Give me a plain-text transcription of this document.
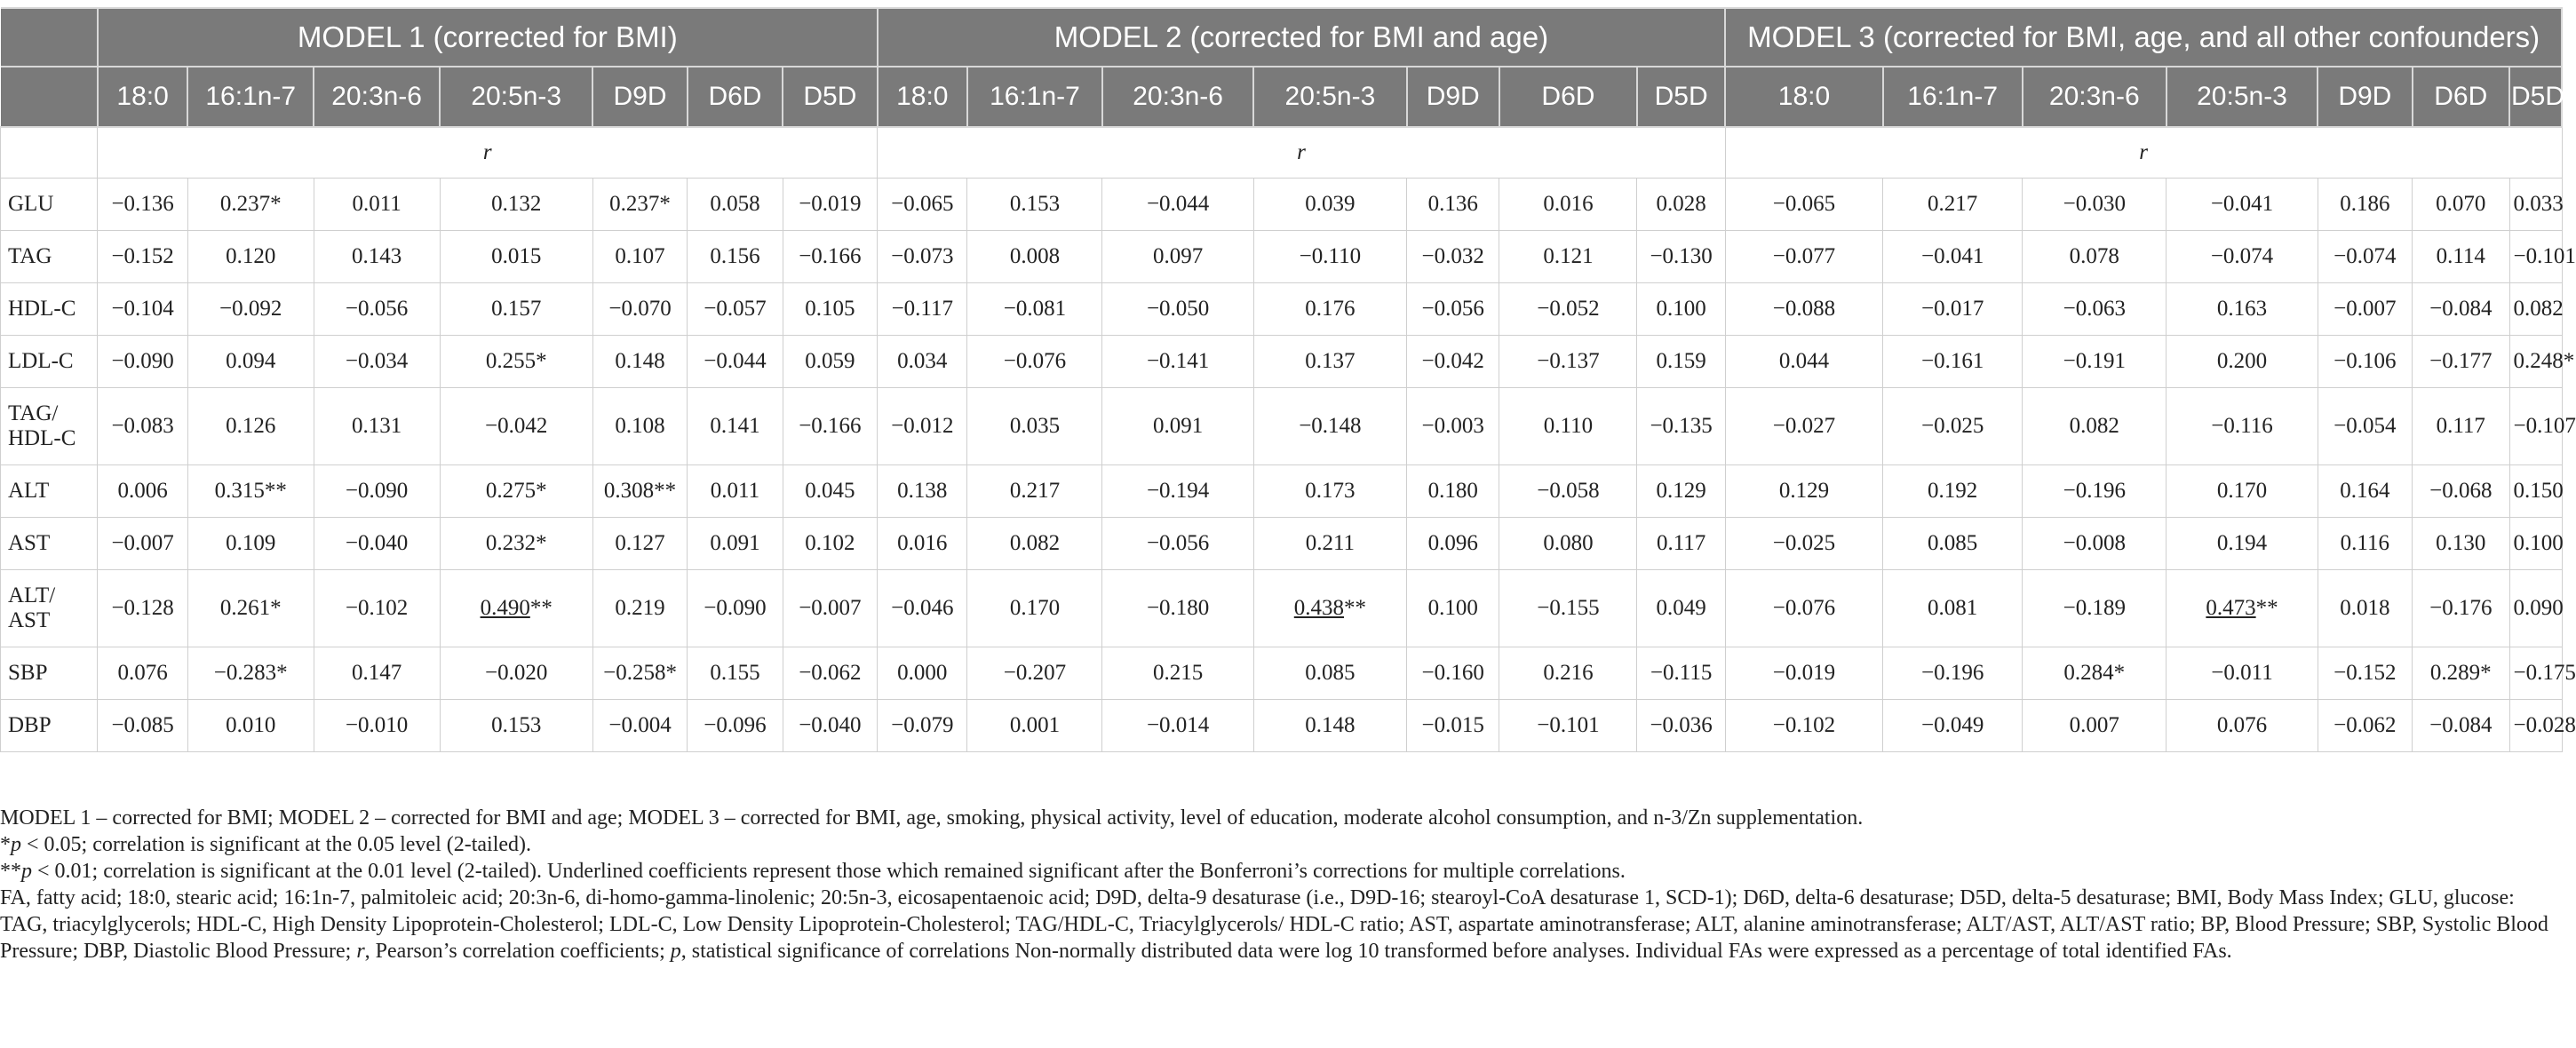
	MODEL 1 (corrected for BMI)							MODEL 2 (corrected for BMI and age)							MODEL 3 (corrected for BMI, age, and all other confounders)						
	18:0	16:1n-7	20:3n-6	20:5n-3	D9D	D6D	D5D	18:0	16:1n-7	20:3n-6	20:5n-3	D9D	D6D	D5D	18:0	16:1n-7	20:3n-6	20:5n-3	D9D	D6D	D5D
	r							r							r						
GLU	−0.136	0.237*	0.011	0.132	0.237*	0.058	−0.019	−0.065	0.153	−0.044	0.039	0.136	0.016	0.028	−0.065	0.217	−0.030	−0.041	0.186	0.070	0.033
TAG	−0.152	0.120	0.143	0.015	0.107	0.156	−0.166	−0.073	0.008	0.097	−0.110	−0.032	0.121	−0.130	−0.077	−0.041	0.078	−0.074	−0.074	0.114	−0.101
HDL-C	−0.104	−0.092	−0.056	0.157	−0.070	−0.057	0.105	−0.117	−0.081	−0.050	0.176	−0.056	−0.052	0.100	−0.088	−0.017	−0.063	0.163	−0.007	−0.084	0.082
LDL-C	−0.090	0.094	−0.034	0.255*	0.148	−0.044	0.059	0.034	−0.076	−0.141	0.137	−0.042	−0.137	0.159	0.044	−0.161	−0.191	0.200	−0.106	−0.177	0.248*

TAG/
HDL-C	−0.083	0.126	0.131	−0.042	0.108	0.141	−0.166	−0.012	0.035	0.091	−0.148	−0.003	0.110	−0.135	−0.027	−0.025	0.082	−0.116	−0.054	0.117	−0.107
ALT	0.006	0.315**	−0.090	0.275*	0.308**	0.011	0.045	0.138	0.217	−0.194	0.173	0.180	−0.058	0.129	0.129	0.192	−0.196	0.170	0.164	−0.068	0.150
AST	−0.007	0.109	−0.040	0.232*	0.127	0.091	0.102	0.016	0.082	−0.056	0.211	0.096	0.080	0.117	−0.025	0.085	−0.008	0.194	0.116	0.130	0.100

ALT/
AST	−0.128	0.261*	−0.102	0.490**	0.219	−0.090	−0.007	−0.046	0.170	−0.180	0.438**	0.100	−0.155	0.049	−0.076	0.081	−0.189	0.473**	0.018	−0.176	0.090
SBP	0.076	−0.283*	0.147	−0.020	−0.258*	0.155	−0.062	0.000	−0.207	0.215	0.085	−0.160	0.216	−0.115	−0.019	−0.196	0.284*	−0.011	−0.152	0.289*	−0.175
DBP	−0.085	0.010	−0.010	0.153	−0.004	−0.096	−0.040	−0.079	0.001	−0.014	0.148	−0.015	−0.101	−0.036	−0.102	−0.049	0.007	0.076	−0.062	−0.084	−0.028

MODEL 1 – corrected for BMI; MODEL 2 – corrected for BMI and age; MODEL 3 – corrected for BMI, age, smoking, physical activity, level of education, moderate alcohol consumption, and n-3/Zn supplementation.

*p < 0.05; correlation is significant at the 0.05 level (2-tailed).

**p < 0.01; correlation is significant at the 0.01 level (2-tailed). Underlined coefficients represent those which remained significant after the Bonferroni’s corrections for multiple correlations.

FA, fatty acid; 18:0, stearic acid; 16:1n-7, palmitoleic acid; 20:3n-6, di-homo-gamma-linolenic; 20:5n-3, eicosapentaenoic acid; D9D, delta-9 desaturase (i.e., D9D-16; stearoyl-CoA desaturase 1, SCD-1); D6D, delta-6 desaturase; D5D, delta-5 desaturase; BMI, Body Mass Index; GLU, glucose: TAG, triacylglycerols; HDL-C, High Density Lipoprotein-Cholesterol; LDL-C, Low Density Lipoprotein-Cholesterol; TAG/HDL-C, Triacylglycerols/ HDL-C ratio; AST, aspartate aminotransferase; ALT, alanine aminotransferase; ALT/AST, ALT/AST ratio; BP, Blood Pressure; SBP, Systolic Blood Pressure; DBP, Diastolic Blood Pressure; r, Pearson’s correlation coefficients; p, statistical significance of correlations Non-normally distributed data were log 10 transformed before analyses. Individual FAs were expressed as a percentage of total identified FAs.
